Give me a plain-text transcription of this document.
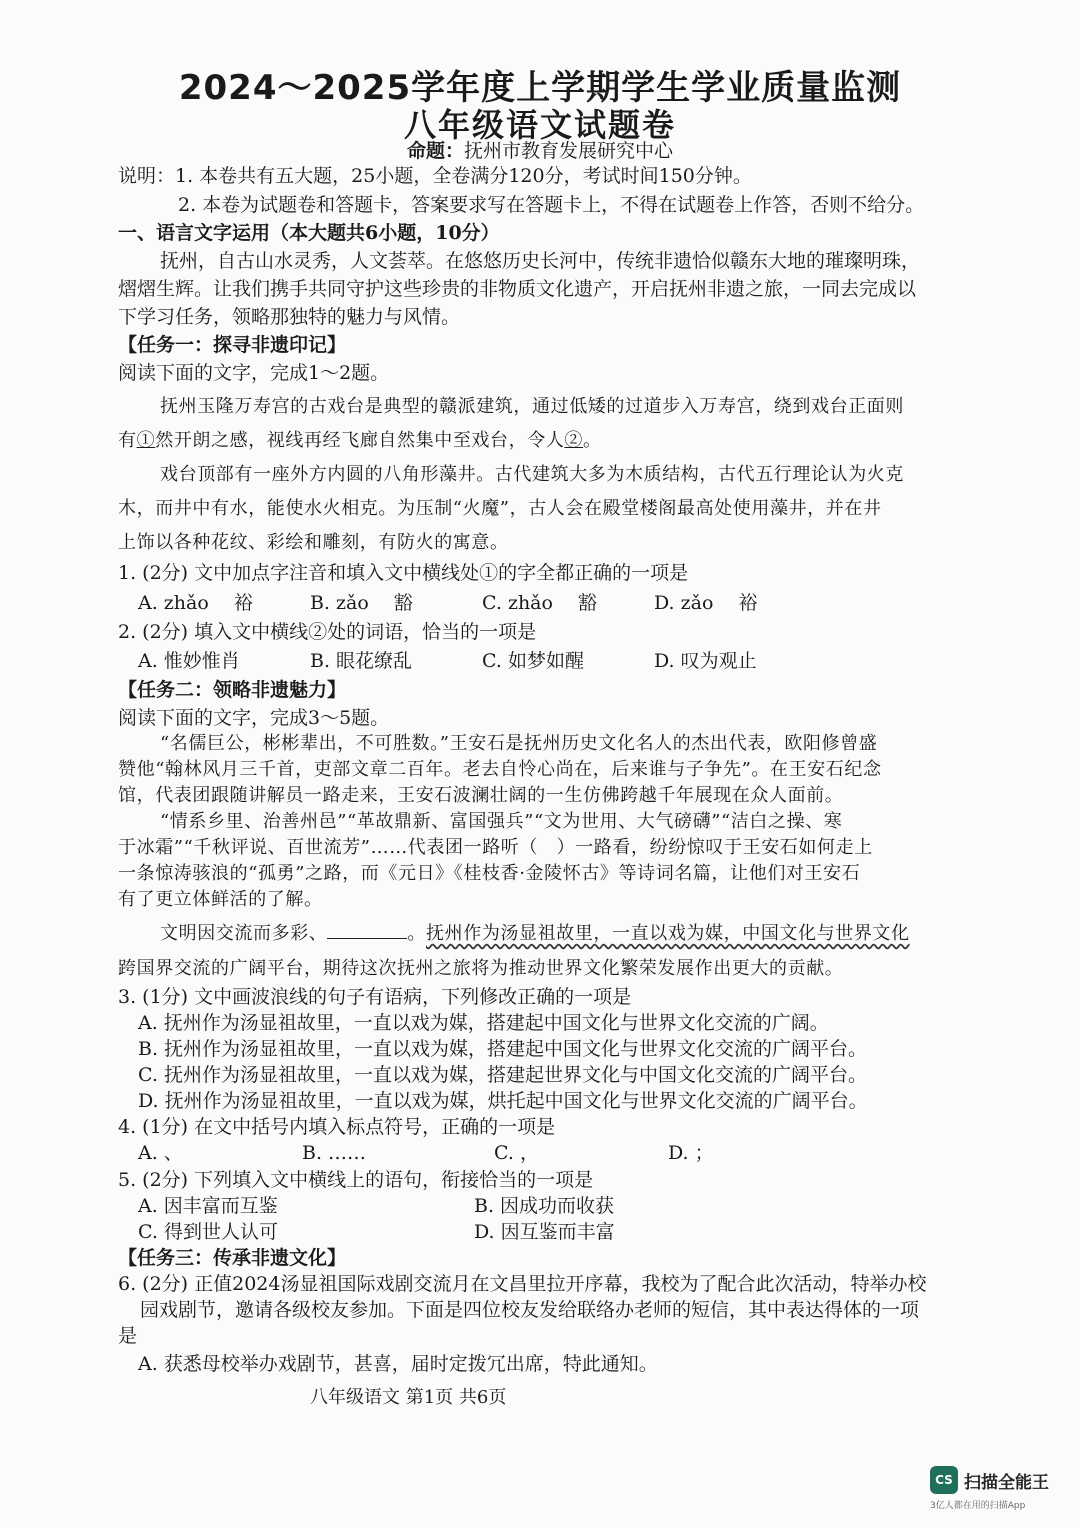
2024～2025学年度上学期学生学业质量监测
八年级语文试题卷
命题：抚州市教育发展研究中心
说明：1. 本卷共有五大题，25小题，全卷满分120分，考试时间150分钟。
2. 本卷为试题卷和答题卡，答案要求写在答题卡上，不得在试题卷上作答，否则不给分。
一、语言文字运用（本大题共6小题，10分）
抚州，自古山水灵秀，人文荟萃。在悠悠历史长河中，传统非遗恰似赣东大地的璀璨明珠，
熠熠生辉。让我们携手共同守护这些珍贵的非物质文化遗产，开启抚州非遗之旅，一同去完成以
下学习任务，领略那独特的魅力与风情。
【任务一：探寻非遗印记】
阅读下面的文字，完成1～2题。
抚州玉隆万寿宫的古戏台是典型的赣派建筑，通过低矮的过道步入万寿宫，绕到戏台正面则
有①然开朗之感，视线再经飞廊自然集中至戏台，令人②。
戏台顶部有一座外方内圆的八角形藻井。古代建筑大多为木质结构，古代五行理论认为火克
木，而井中有水，能使水火相克。为压制“火魔”，古人会在殿堂楼阁最高处使用藻井，并在井
上饰以各种花纹、彩绘和雕刻，有防火的寓意。
1. (2分) 文中加点字注音和填入文中横线处①的字全都正确的一项是
A. zhǎo　 裕	B. zǎo　 豁	C. zhǎo　 豁	D. zǎo　 裕
2. (2分) 填入文中横线②处的词语，恰当的一项是
A. 惟妙惟肖	B. 眼花缭乱	C. 如梦如醒	D. 叹为观止
【任务二：领略非遗魅力】
阅读下面的文字，完成3～5题。
“名儒巨公，彬彬辈出，不可胜数。”王安石是抚州历史文化名人的杰出代表，欧阳修曾盛
赞他“翰林风月三千首，吏部文章二百年。老去自怜心尚在，后来谁与子争先”。在王安石纪念
馆，代表团跟随讲解员一路走来，王安石波澜壮阔的一生仿佛跨越千年展现在众人面前。
“情系乡里、治善州邑”“革故鼎新、富国强兵”“文为世用、大气磅礴”“洁白之操、寒
于冰霜”“千秋评说、百世流芳”……代表团一路听（　）一路看，纷纷惊叹于王安石如何走上
一条惊涛骇浪的“孤勇”之路，而《元日》《桂枝香·金陵怀古》等诗词名篇，让他们对王安石
有了更立体鲜活的了解。
文明因交流而多彩、	。抚州作为汤显祖故里，一直以戏为媒，中国文化与世界文化
跨国界交流的广阔平台，期待这次抚州之旅将为推动世界文化繁荣发展作出更大的贡献。
3. (1分) 文中画波浪线的句子有语病，下列修改正确的一项是
A. 抚州作为汤显祖故里，一直以戏为媒，搭建起中国文化与世界文化交流的广阔。
B. 抚州作为汤显祖故里，一直以戏为媒，搭建起中国文化与世界文化交流的广阔平台。
C. 抚州作为汤显祖故里，一直以戏为媒，搭建起世界文化与中国文化交流的广阔平台。
D. 抚州作为汤显祖故里，一直以戏为媒，烘托起中国文化与世界文化交流的广阔平台。
4. (1分) 在文中括号内填入标点符号，正确的一项是
A. 、	B. ……	C. ，	D. ；
5. (2分) 下列填入文中横线上的语句，衔接恰当的一项是
A. 因丰富而互鉴	B. 因成功而收获
C. 得到世人认可	D. 因互鉴而丰富
【任务三：传承非遗文化】
6. (2分) 正值2024汤显祖国际戏剧交流月在文昌里拉开序幕，我校为了配合此次活动，特举办校
园戏剧节，邀请各级校友参加。下面是四位校友发给联络办老师的短信，其中表达得体的一项
是
A. 获悉母校举办戏剧节，甚喜，届时定拨冗出席，特此通知。
八年级语文 第1页 共6页
CS 扫描全能王
3亿人都在用的扫描App
